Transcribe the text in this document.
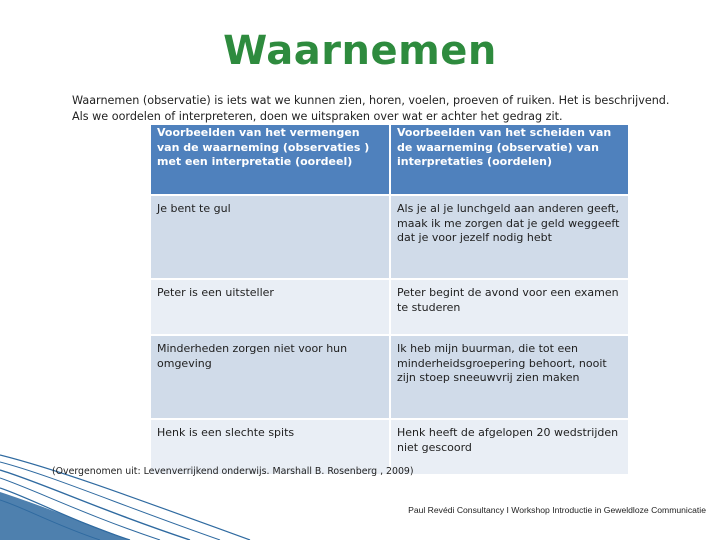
Waarnemen
Waarnemen (observatie) is iets wat we kunnen zien, horen, voelen, proeven of ruiken. Het is beschrijvend. Als we oordelen of interpreteren, doen we uitspraken over wat er achter het gedrag zit.
Voorbeelden van het vermengen van de waarneming (observaties ) met een interpretatie (oordeel)	Voorbeelden van het scheiden van de waarneming (observatie) van interpretaties (oordelen)
Je bent te gul	Als je al je lunchgeld aan anderen geeft, maak ik me zorgen dat je geld weggeeft dat je voor jezelf nodig hebt
Peter is een uitsteller	Peter begint de avond voor een examen te studeren
Minderheden zorgen niet voor hun omgeving	Ik heb mijn buurman, die tot een minderheidsgroepering behoort, nooit zijn stoep sneeuwvrij zien maken
Henk is een slechte spits	Henk heeft de afgelopen 20 wedstrijden niet gescoord
(Overgenomen uit: Levenverrijkend onderwijs. Marshall B. Rosenberg , 2009)
Paul Revédi Consultancy I Workshop Introductie in Geweldloze Communicatie
